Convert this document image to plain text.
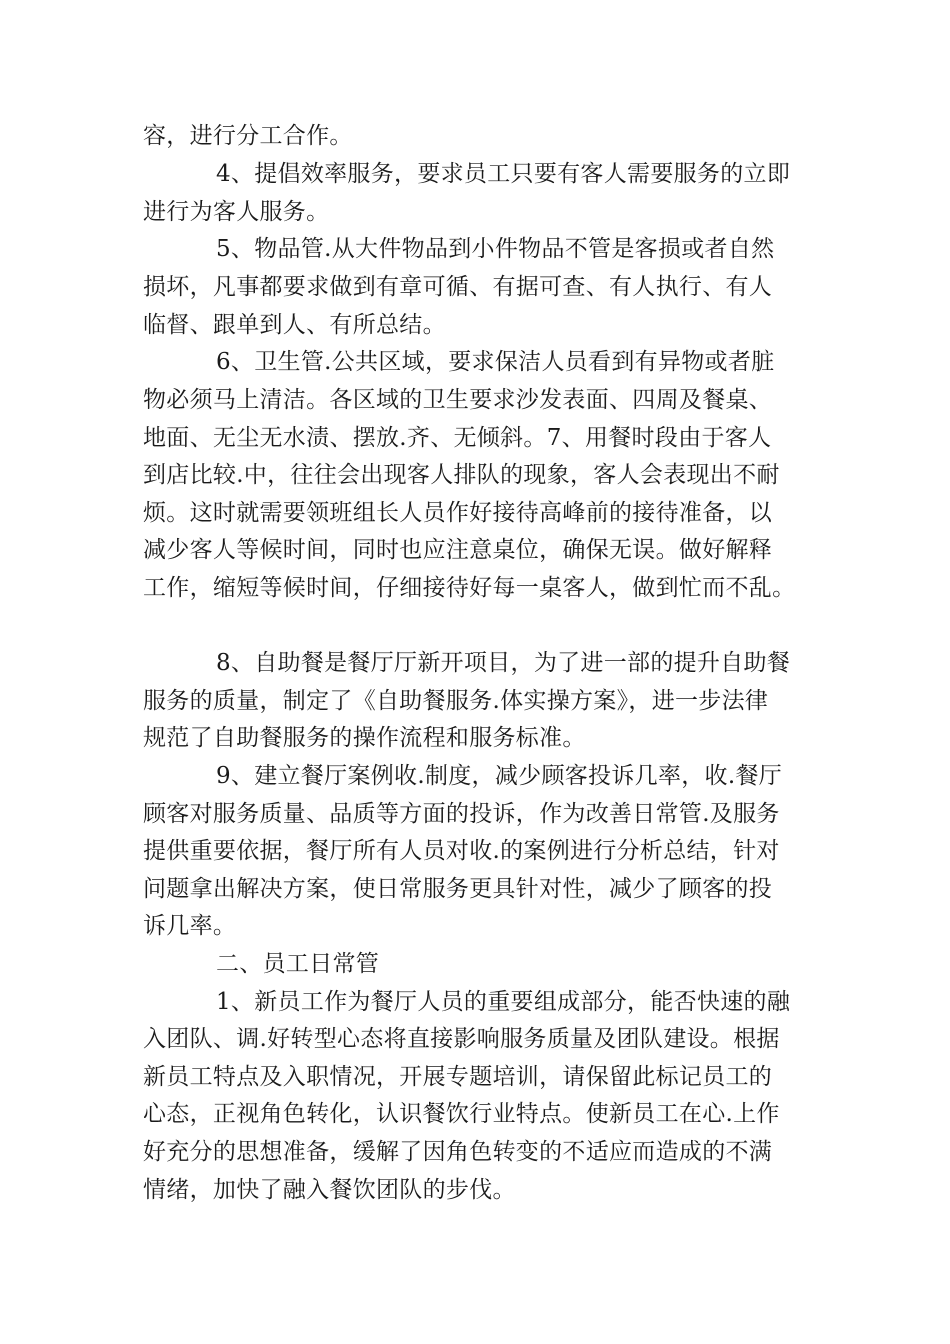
容，进行分工合作。
4、提倡效率服务，要求员工只要有客人需要服务的立即
进行为客人服务。
5、物品管.从大件物品到小件物品不管是客损或者自然
损坏，凡事都要求做到有章可循、有据可查、有人执行、有人
临督、跟单到人、有所总结。
6、卫生管.公共区域，要求保洁人员看到有异物或者脏
物必须马上清洁。各区域的卫生要求沙发表面、四周及餐桌、
地面、无尘无水渍、摆放.齐、无倾斜。7、用餐时段由于客人
到店比较.中，往往会出现客人排队的现象，客人会表现出不耐
烦。这时就需要领班组长人员作好接待高峰前的接待准备，以
减少客人等候时间，同时也应注意桌位，确保无误。做好解释
工作，缩短等候时间，仔细接待好每一桌客人，做到忙而不乱。
8、自助餐是餐厅厅新开项目，为了进一部的提升自助餐
服务的质量，制定了《自助餐服务.体实操方案》，进一步法律
规范了自助餐服务的操作流程和服务标准。
9、建立餐厅案例收.制度，减少顾客投诉几率，收.餐厅
顾客对服务质量、品质等方面的投诉，作为改善日常管.及服务
提供重要依据，餐厅所有人员对收.的案例进行分析总结，针对
问题拿出解决方案，使日常服务更具针对性，减少了顾客的投
诉几率。
二、员工日常管
1、新员工作为餐厅人员的重要组成部分，能否快速的融
入团队、调.好转型心态将直接影响服务质量及团队建设。根据
新员工特点及入职情况，开展专题培训，请保留此标记员工的
心态，正视角色转化，认识餐饮行业特点。使新员工在心.上作
好充分的思想准备，缓解了因角色转变的不适应而造成的不满
情绪，加快了融入餐饮团队的步伐。
